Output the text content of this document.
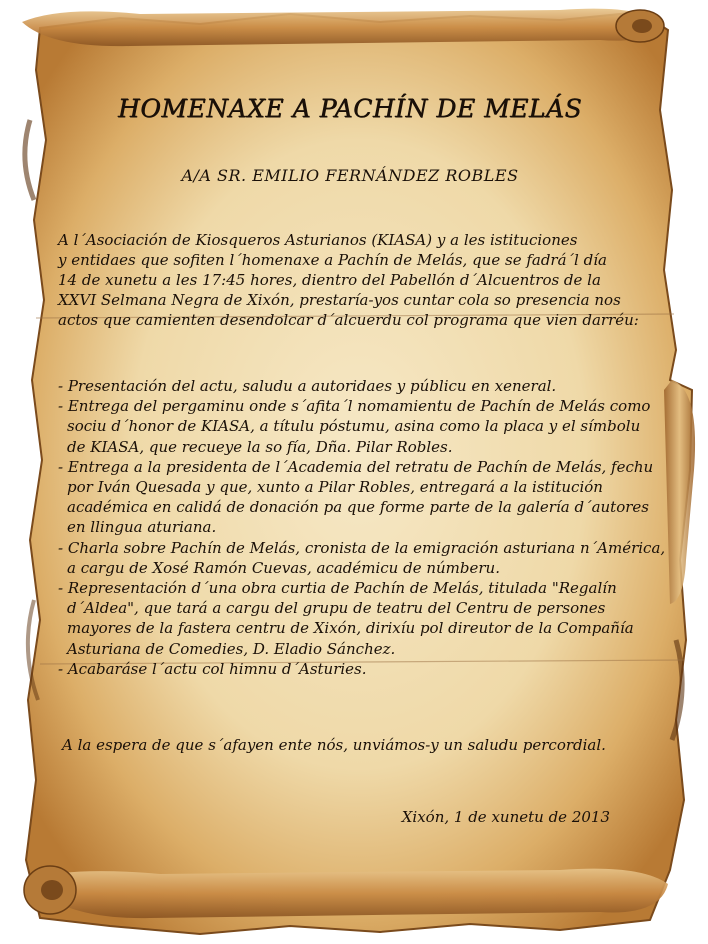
HOMENAXE A PACHÍN DE MELÁS
A/A SR. EMILIO FERNÁNDEZ ROBLES
A l´Asociación de Kiosqueros Asturianos (KIASA) y a les istituciones
y entidaes que sofiten l´homenaxe a Pachín de Melás, que se fadrá´l día
14 de xunetu a les 17:45 hores, dientro del Pabellón d´Alcuentros de la
XXVI Selmana Negra de Xixón, prestaría-yos cuntar cola so presencia nos
actos que camienten desendolcar d´alcuerdu col programa que vien darréu:
- Presentación del actu, saludu a autoridaes y públicu en xeneral.
- Entrega del pergaminu onde s´afita´l nomamientu de Pachín de Melás como
sociu d´honor de KIASA, a títulu póstumu, asina como la placa y el símbolu
de KIASA, que recueye la so fía, Dña. Pilar Robles.
- Entrega a la presidenta de l´Academia del retratu de Pachín de Melás, fechu
por Iván Quesada y que, xunto a Pilar Robles, entregará a la istitución
académica en calidá de donación pa que forme parte de la galería d´autores
en llingua aturiana.
- Charla sobre Pachín de Melás, cronista de la emigración asturiana n´América,
a cargu de Xosé Ramón Cuevas, académicu de númberu.
- Representación d´una obra curtia de Pachín de Melás, titulada "Regalín
d´Aldea", que tará a cargu del grupu de teatru del Centru de persones
mayores de la fastera centru de Xixón, dirixíu pol direutor de la Compañía
Asturiana de Comedies, D. Eladio Sánchez.
- Acabaráse l´actu col himnu d´Asturies.
A la espera de que s´afayen ente nós, unviámos-y un saludu percordial.
Xixón, 1 de xunetu de 2013
